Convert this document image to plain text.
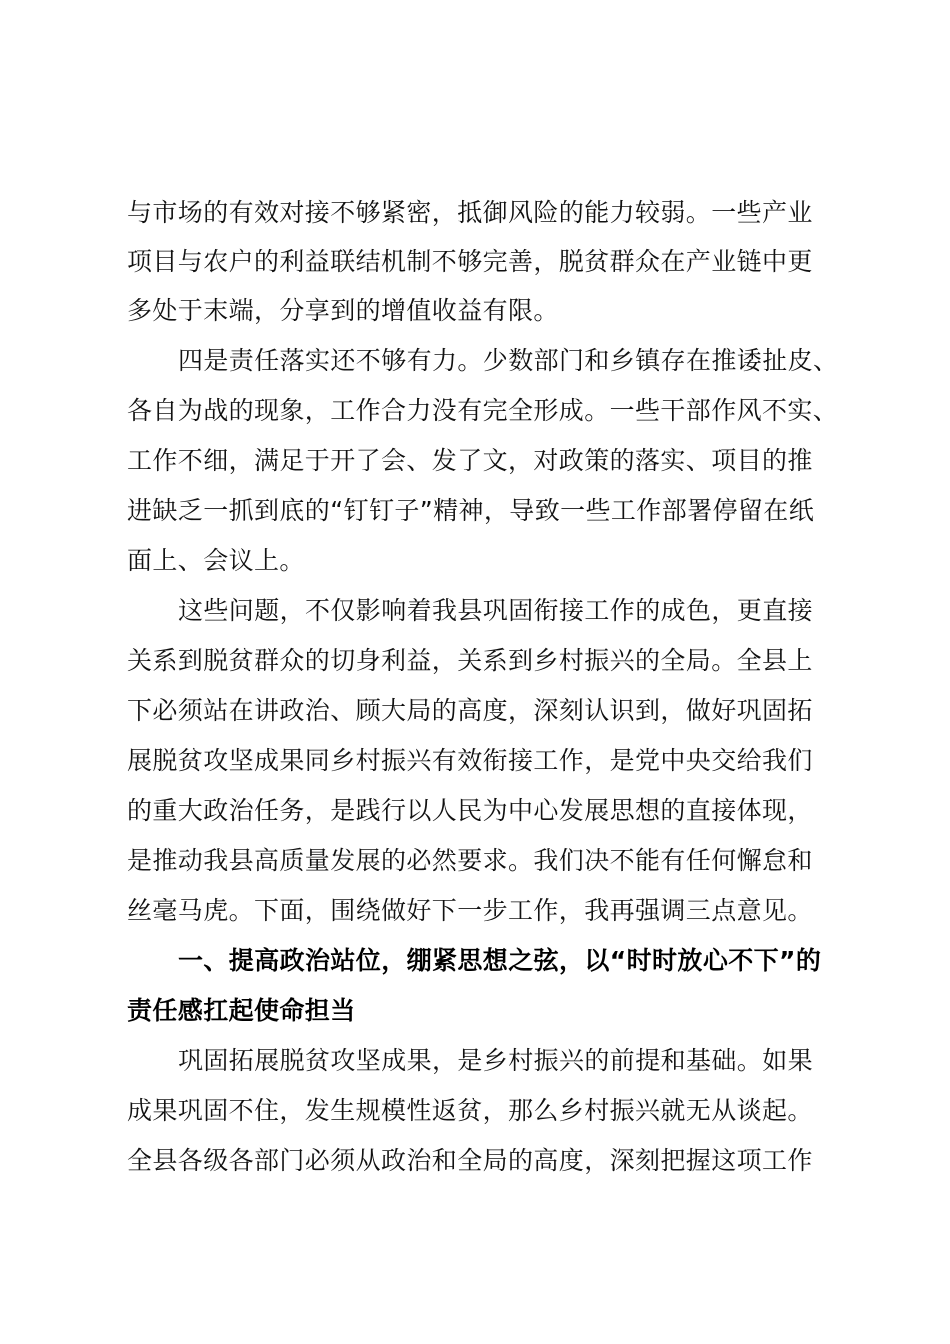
与市场的有效对接不够紧密，抵御风险的能力较弱。一些产业

项目与农户的利益联结机制不够完善，脱贫群众在产业链中更

多处于末端，分享到的增值收益有限。

四是责任落实还不够有力。少数部门和乡镇存在推诿扯皮、

各自为战的现象，工作合力没有完全形成。一些干部作风不实、

工作不细，满足于开了会、发了文，对政策的落实、项目的推

进缺乏一抓到底的“钉钉子”精神，导致一些工作部署停留在纸

面上、会议上。

这些问题，不仅影响着我县巩固衔接工作的成色，更直接

关系到脱贫群众的切身利益，关系到乡村振兴的全局。全县上

下必须站在讲政治、顾大局的高度，深刻认识到，做好巩固拓

展脱贫攻坚成果同乡村振兴有效衔接工作，是党中央交给我们

的重大政治任务，是践行以人民为中心发展思想的直接体现，

是推动我县高质量发展的必然要求。我们决不能有任何懈怠和

丝毫马虎。下面，围绕做好下一步工作，我再强调三点意见。

一、提高政治站位，绷紧思想之弦，以“时时放心不下”的

责任感扛起使命担当

巩固拓展脱贫攻坚成果，是乡村振兴的前提和基础。如果

成果巩固不住，发生规模性返贫，那么乡村振兴就无从谈起。

全县各级各部门必须从政治和全局的高度，深刻把握这项工作
